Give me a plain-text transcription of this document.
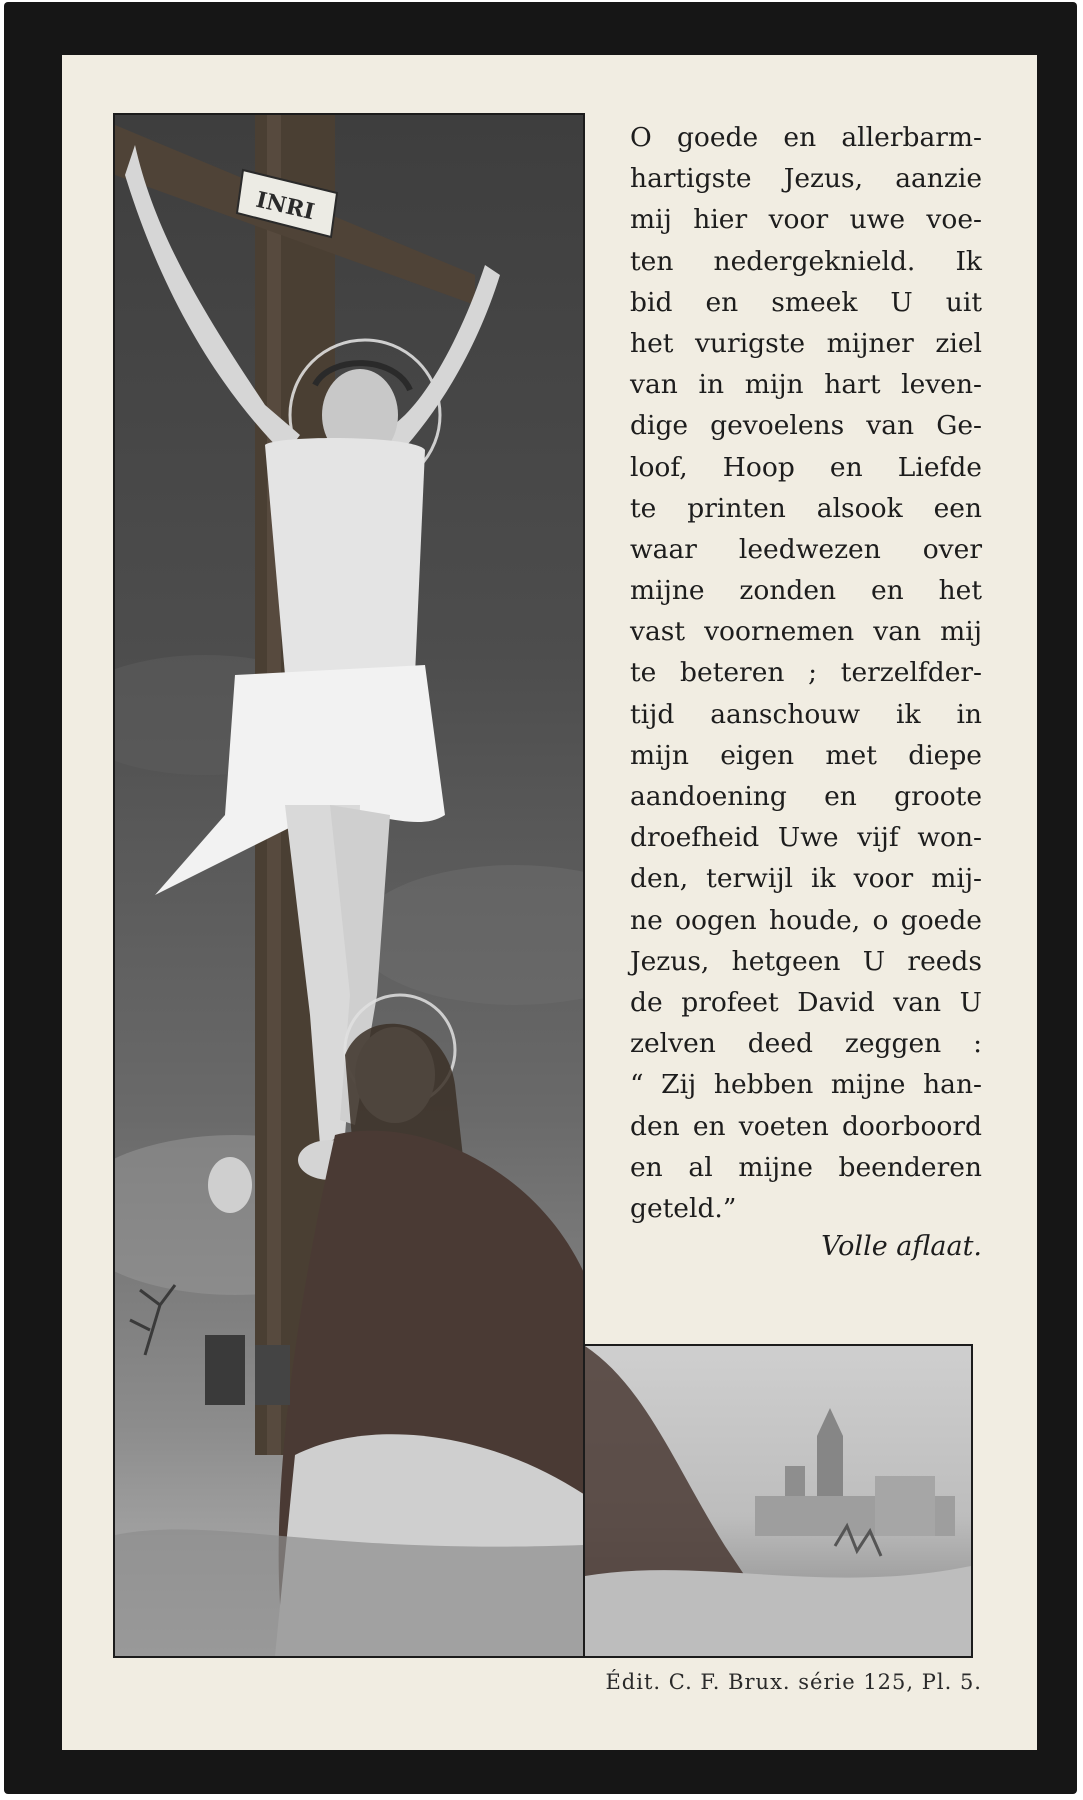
INRI
O goede en allerbarm-
hartigste Jezus, aanzie
mij hier voor uwe voe-
ten nedergeknield. Ik
bid en smeek U uit
het vurigste mijner ziel
van in mijn hart leven-
dige gevoelens van Ge-
loof, Hoop en Liefde
te printen alsook een
waar leedwezen over
mijne zonden en het
vast voornemen van mij
te beteren ; terzelfder-
tijd aanschouw ik in
mijn eigen met diepe
aandoening en groote
droefheid Uwe vijf won-
den, terwijl ik voor mij-
ne oogen houde, o goede
Jezus, hetgeen U reeds
de profeet David van U
zelven deed zeggen :
“ Zij hebben mijne han-
den en voeten doorboord
en al mijne beenderen
geteld.”
Volle aflaat.
Édit. C. F. Brux. série 125, Pl. 5.
